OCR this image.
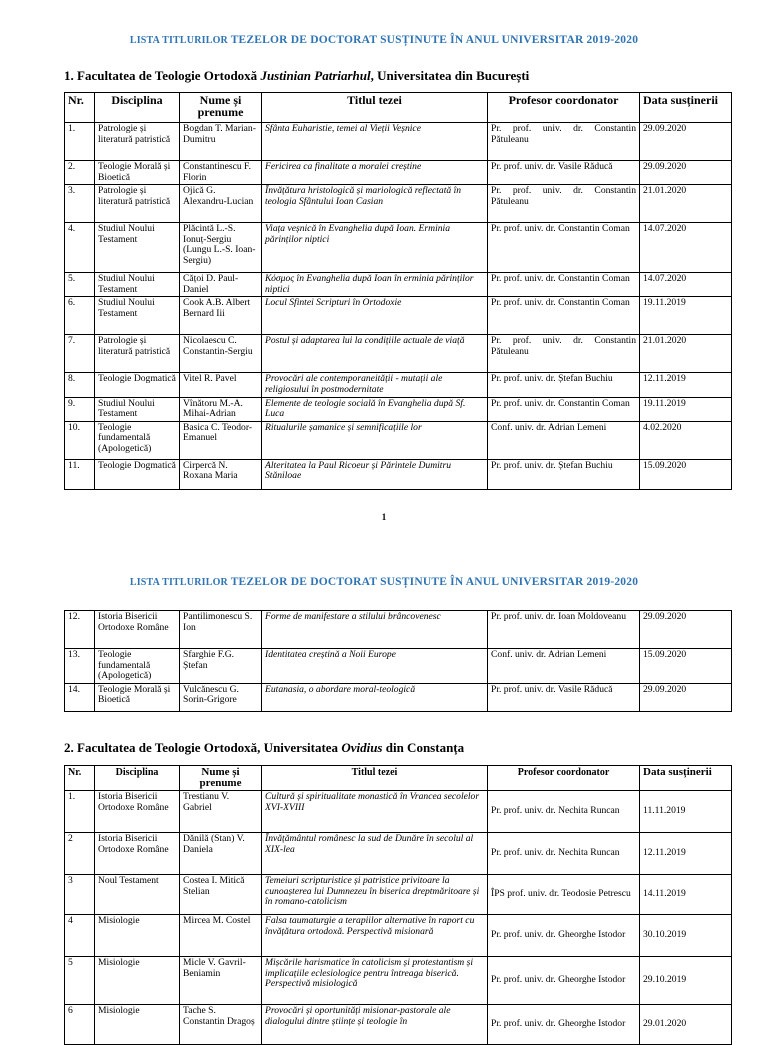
LISTA TITLURILOR TEZELOR DE DOCTORAT SUSȚINUTE ÎN ANUL UNIVERSITAR 2019-2020
1. Facultatea de Teologie Ortodoxă Justinian Patriarhul, Universitatea din București
Nr.	Disciplina	Nume și prenume	Titlul tezei	Profesor coordonator	Data susținerii
1.	Patrologie și literatură patristică	Bogdan T. Marian-Dumitru	Sfânta Euharistie, temei al Vieții Veșnice	Pr. prof. univ. dr. Constantin Pătuleanu	29.09.2020
2.	Teologie Morală și Bioetică	Constantinescu F. Florin	Fericirea ca finalitate a moralei creștine	Pr. prof. univ. dr. Vasile Răducă	29.09.2020
3.	Patrologie și literatură patristică	Ojică G. Alexandru-Lucian	Învățătura hristologică și mariologică reflectată în teologia Sfântului Ioan Casian	Pr. prof. univ. dr. Constantin Pătuleanu	21.01.2020
4.	Studiul Noului Testament	Plăcintă L.-S. Ionuț-Sergiu (Lungu L.-S. Ioan-Sergiu)	Viața veșnică în Evanghelia după Ioan. Erminia părinților niptici	Pr. prof. univ. dr. Constantin Coman	14.07.2020
5.	Studiul Noului Testament	Cățoi D. Paul-Daniel	Κόσμος în Evanghelia după Ioan în erminia părinților niptici	Pr. prof. univ. dr. Constantin Coman	14.07.2020
6.	Studiul Noului Testament	Cook A.B. Albert Bernard Iii	Locul Sfintei Scripturi în Ortodoxie	Pr. prof. univ. dr. Constantin Coman	19.11.2019
7.	Patrologie și literatură patristică	Nicolaescu C. Constantin-Sergiu	Postul și adaptarea lui la condițiile actuale de viață	Pr. prof. univ. dr. Constantin Pătuleanu	21.01.2020
8.	Teologie Dogmatică	Vitel R. Pavel	Provocări ale contemporaneității - mutații ale religiosului în postmodernitate	Pr. prof. univ. dr. Ștefan Buchiu	12.11.2019
9.	Studiul Noului Testament	Vînătoru M.-A. Mihai-Adrian	Elemente de teologie socială în Evanghelia după Sf. Luca	Pr. prof. univ. dr. Constantin Coman	19.11.2019
10.	Teologie fundamentală (Apologetică)	Basica C. Teodor-Emanuel	Ritualurile șamanice și semnificațiile lor	Conf. univ. dr. Adrian Lemeni	4.02.2020
11.	Teologie Dogmatică	Cirpercă N. Roxana Maria	Alteritatea la Paul Ricoeur și Părintele Dumitru Stăniloae	Pr. prof. univ. dr. Ștefan Buchiu	15.09.2020
1
LISTA TITLURILOR TEZELOR DE DOCTORAT SUSȚINUTE ÎN ANUL UNIVERSITAR 2019-2020
12.	Istoria Bisericii Ortodoxe Române	Pantilimonescu S. Ion	Forme de manifestare a stilului brâncovenesc	Pr. prof. univ. dr. Ioan Moldoveanu	29.09.2020
13.	Teologie fundamentală (Apologetică)	Sfarghie F.G. Ștefan	Identitatea creștină a Noii Europe	Conf. univ. dr. Adrian Lemeni	15.09.2020
14.	Teologie Morală și Bioetică	Vulcănescu G. Sorin-Grigore	Eutanasia, o abordare moral-teologică	Pr. prof. univ. dr. Vasile Răducă	29.09.2020
2. Facultatea de Teologie Ortodoxă, Universitatea Ovidius din Constanța
Nr.	Disciplina	Nume și prenume	Titlul tezei	Profesor coordonator	Data susținerii
1.	Istoria Bisericii Ortodoxe Române	Trestianu V. Gabriel	Cultură și spiritualitate monastică în Vrancea secolelor XVI-XVIII	Pr. prof. univ. dr. Nechita Runcan	11.11.2019
2	Istoria Bisericii Ortodoxe Române	Dănilă (Stan) V. Daniela	Învățământul românesc la sud de Dunăre în secolul al XIX-lea	Pr. prof. univ. dr. Nechita Runcan	12.11.2019
3	Noul Testament	Costea I. Mitică Stelian	Temeiuri scripturistice și patristice privitoare la cunoașterea lui Dumnezeu în biserica dreptmăritoare și în romano-catolicism	ÎPS prof. univ. dr. Teodosie Petrescu	14.11.2019
4	Misiologie	Mircea M. Costel	Falsa taumaturgie a terapiilor alternative în raport cu învățătura ortodoxă. Perspectivă misionară	Pr. prof. univ. dr. Gheorghe Istodor	30.10.2019
5	Misiologie	Micle V. Gavril-Beniamin	Mișcările harismatice în catolicism și protestantism și implicațiile eclesiologice pentru întreaga biserică. Perspectivă misiologică	Pr. prof. univ. dr. Gheorghe Istodor	29.10.2019
6	Misiologie	Tache S. Constantin Dragoș	Provocări și oportunități misionar-pastorale ale dialogului dintre științe și teologie în	Pr. prof. univ. dr. Gheorghe Istodor	29.01.2020
